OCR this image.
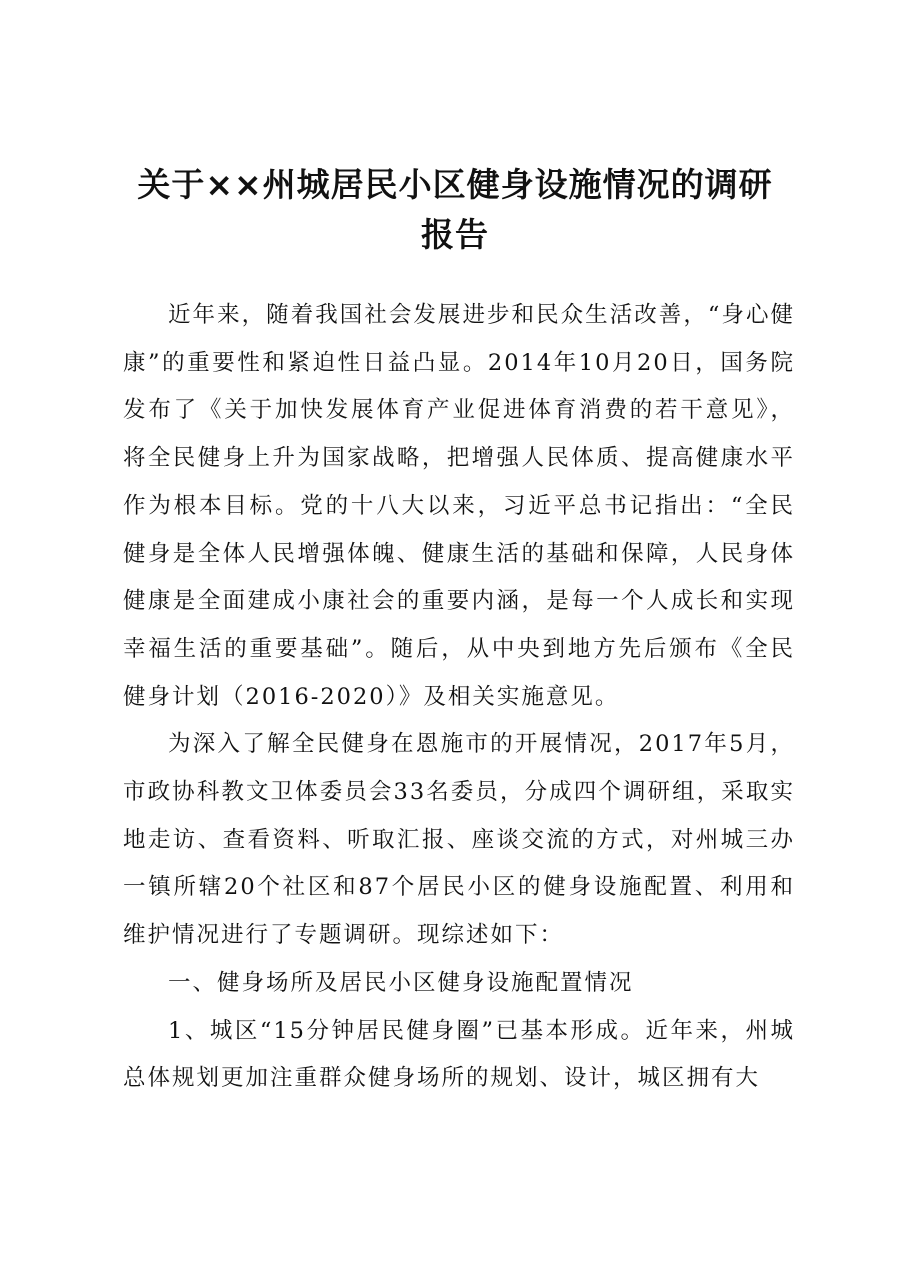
关于××州城居民小区健身设施情况的调研
报告

近年来，随着我国社会发展进步和民众生活改善，“身心健康”的重要性和紧迫性日益凸显。2014年10月20日，国务院发布了《关于加快发展体育产业促进体育消费的若干意见》，将全民健身上升为国家战略，把增强人民体质、提高健康水平作为根本目标。党的十八大以来，习近平总书记指出：“全民健身是全体人民增强体魄、健康生活的基础和保障，人民身体健康是全面建成小康社会的重要内涵，是每一个人成长和实现幸福生活的重要基础”。随后，从中央到地方先后颁布《全民健身计划（2016-2020）》及相关实施意见。

为深入了解全民健身在恩施市的开展情况，2017年5月，市政协科教文卫体委员会33名委员，分成四个调研组，采取实地走访、查看资料、听取汇报、座谈交流的方式，对州城三办一镇所辖20个社区和87个居民小区的健身设施配置、利用和维护情况进行了专题调研。现综述如下：

一、健身场所及居民小区健身设施配置情况

1、城区“15分钟居民健身圈”已基本形成。近年来，州城总体规划更加注重群众健身场所的规划、设计，城区拥有大
